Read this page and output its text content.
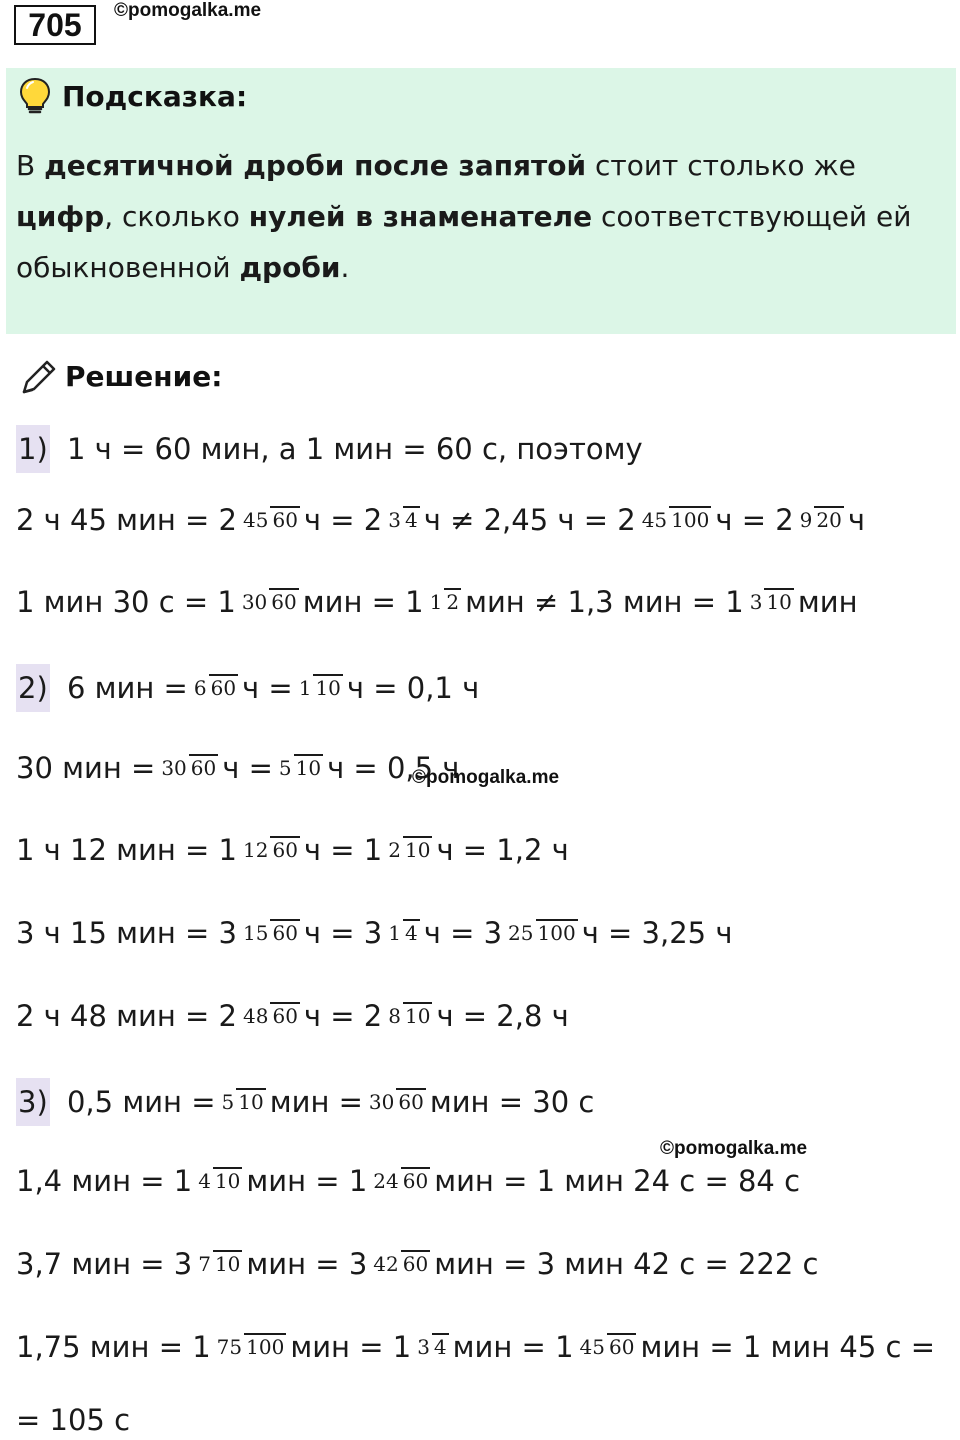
705	©pomogalka.me
Подсказка:
В десятичной дроби после запятой стоит столько же цифр, сколько нулей в знаменателе соответствующей ей обыкновенной дроби.
Решение:
1) 1 ч = 60 мин, а 1 мин = 60 с, поэтому
2 ч 45 мин = 2 45 60 ч = 2 3 4 ч ≠ 2,45 ч = 2 45 100 ч = 2 9 20 ч
1 мин 30 с = 1 30 60 мин = 1 1 2 мин ≠ 1,3 мин = 1 3 10 мин
2) 6 мин = 6 60 ч = 1 10 ч = 0,1 ч
30 мин = 30 60 ч = 5 10 ч = 0,5 ч
1 ч 12 мин = 1 12 60 ч = 1 2 10 ч = 1,2 ч
3 ч 15 мин = 3 15 60 ч = 3 1 4 ч = 3 25 100 ч = 3,25 ч
2 ч 48 мин = 2 48 60 ч = 2 8 10 ч = 2,8 ч
3) 0,5 мин = 5 10 мин = 30 60 мин = 30 с
1,4 мин = 1 4 10 мин = 1 24 60 мин = 1 мин 24 с = 84 с
3,7 мин = 3 7 10 мин = 3 42 60 мин = 3 мин 42 с = 222 с
1,75 мин = 1 75 100 мин = 1 3 4 мин = 1 45 60 мин = 1 мин 45 с =
= 105 с
©pomogalka.me
©pomogalka.me
